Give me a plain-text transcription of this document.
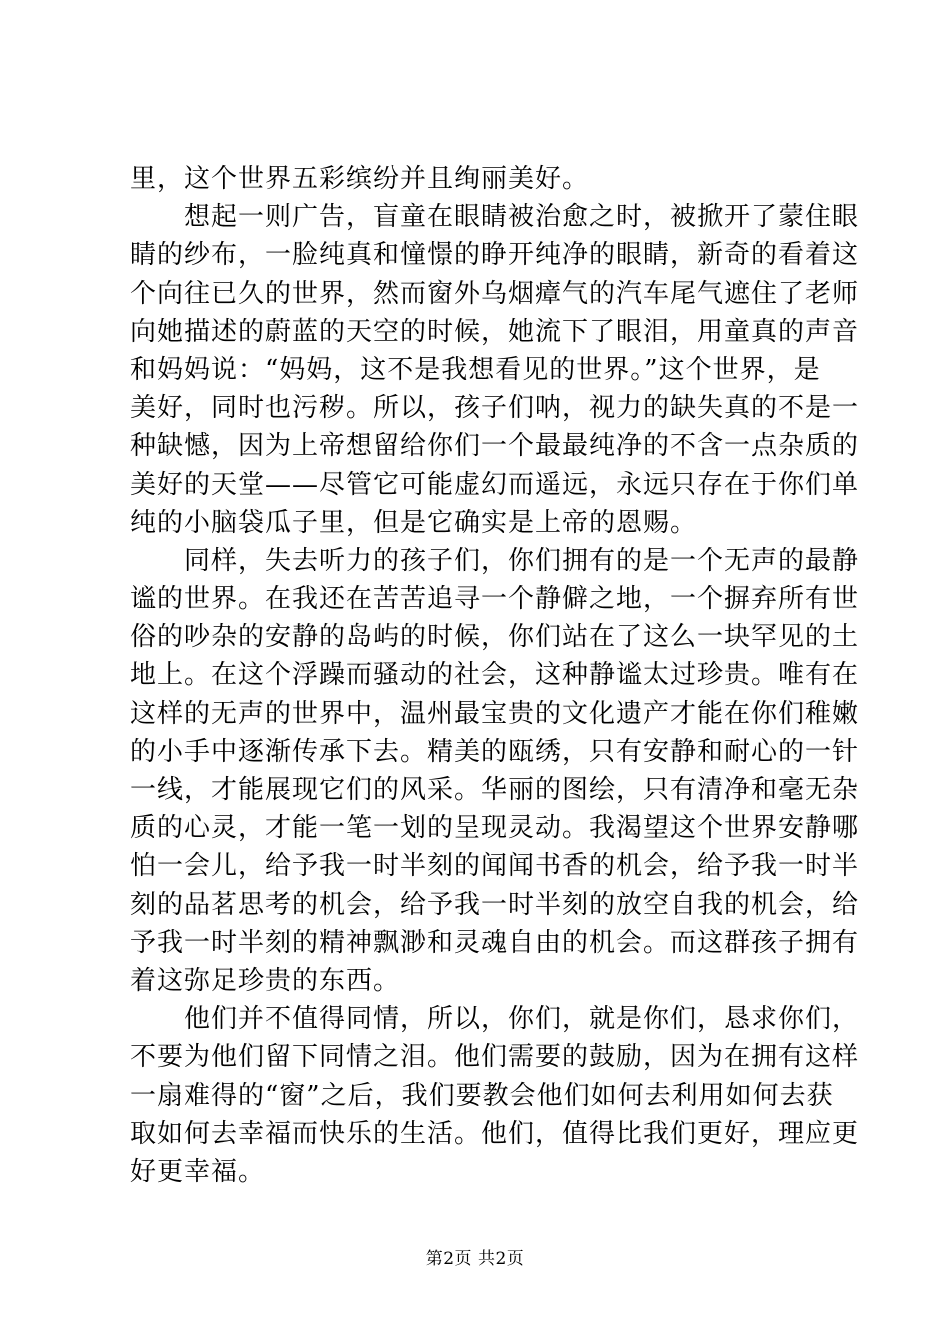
里，这个世界五彩缤纷并且绚丽美好。
想起一则广告，盲童在眼睛被治愈之时，被掀开了蒙住眼
睛的纱布，一脸纯真和憧憬的睁开纯净的眼睛，新奇的看着这
个向往已久的世界，然而窗外乌烟瘴气的汽车尾气遮住了老师
向她描述的蔚蓝的天空的时候，她流下了眼泪，用童真的声音
和妈妈说：“妈妈，这不是我想看见的世界。”这个世界，是
美好，同时也污秽。所以，孩子们呐，视力的缺失真的不是一
种缺憾，因为上帝想留给你们一个最最纯净的不含一点杂质的
美好的天堂——尽管它可能虚幻而遥远，永远只存在于你们单
纯的小脑袋瓜子里，但是它确实是上帝的恩赐。
同样，失去听力的孩子们，你们拥有的是一个无声的最静
谧的世界。在我还在苦苦追寻一个静僻之地，一个摒弃所有世
俗的吵杂的安静的岛屿的时候，你们站在了这么一块罕见的土
地上。在这个浮躁而骚动的社会，这种静谧太过珍贵。唯有在
这样的无声的世界中，温州最宝贵的文化遗产才能在你们稚嫩
的小手中逐渐传承下去。精美的瓯绣，只有安静和耐心的一针
一线，才能展现它们的风采。华丽的图绘，只有清净和毫无杂
质的心灵，才能一笔一划的呈现灵动。我渴望这个世界安静哪
怕一会儿，给予我一时半刻的闻闻书香的机会，给予我一时半
刻的品茗思考的机会，给予我一时半刻的放空自我的机会，给
予我一时半刻的精神飘渺和灵魂自由的机会。而这群孩子拥有
着这弥足珍贵的东西。
他们并不值得同情，所以，你们，就是你们，恳求你们，
不要为他们留下同情之泪。他们需要的鼓励，因为在拥有这样
一扇难得的“窗”之后，我们要教会他们如何去利用如何去获
取如何去幸福而快乐的生活。他们，值得比我们更好，理应更
好更幸福。
第2页 共2页
